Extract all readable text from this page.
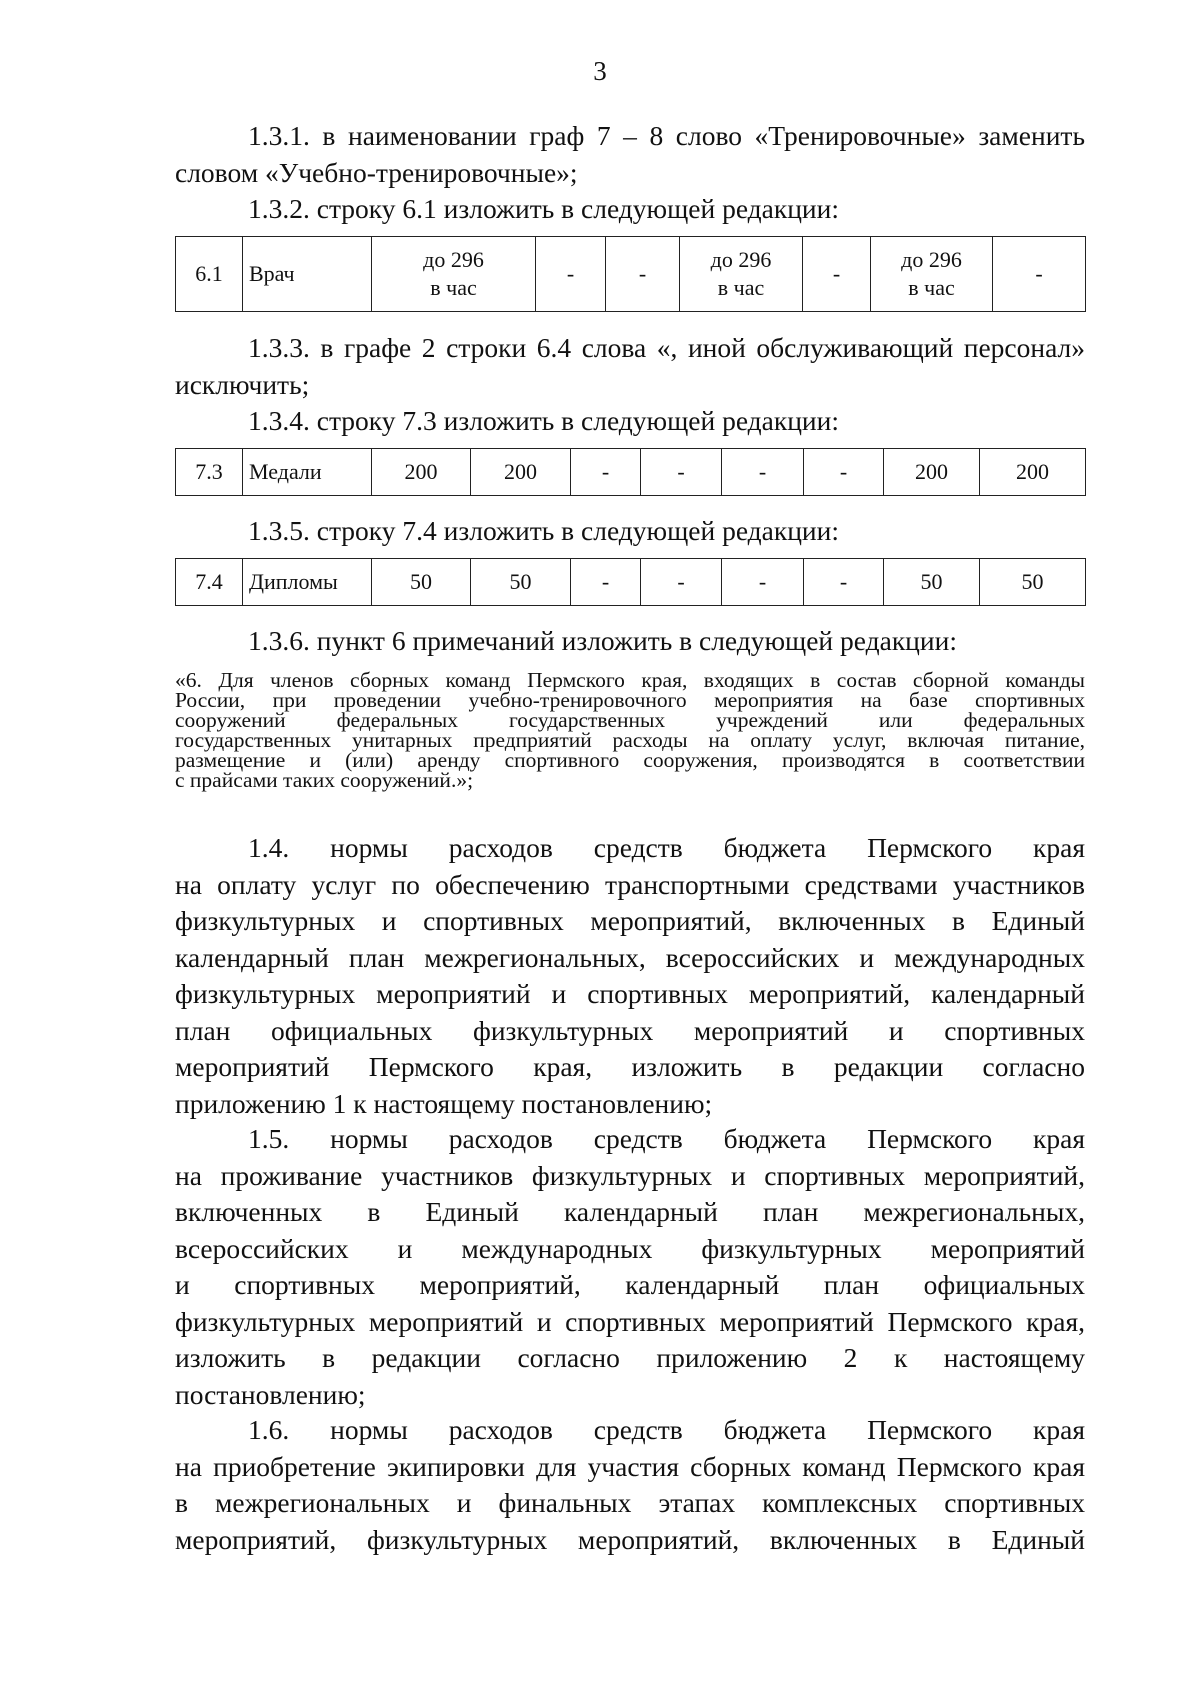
3
1.3.1. в наименовании граф 7 – 8 слово «Тренировочные» заменить
словом «Учебно-тренировочные»;
1.3.2. строку 6.1 изложить в следующей редакции:
6.1	Врач	до 296 в час	-	-	до 296 в час	-	до 296 в час	-
1.3.3. в графе 2 строки 6.4 слова «, иной обслуживающий персонал»
исключить;
1.3.4. строку 7.3 изложить в следующей редакции:
7.3	Медали	200	200	-	-	-	-	200	200
1.3.5. строку 7.4 изложить в следующей редакции:
7.4	Дипломы	50	50	-	-	-	-	50	50
1.3.6. пункт 6 примечаний изложить в следующей редакции:
«6. Для членов сборных команд Пермского края, входящих в состав сборной команды
России, при проведении учебно-тренировочного мероприятия на базе спортивных
сооружений федеральных государственных учреждений или федеральных
государственных унитарных предприятий расходы на оплату услуг, включая питание,
размещение и (или) аренду спортивного сооружения, производятся в соответствии
с прайсами таких сооружений.»;
1.4. нормы расходов средств бюджета Пермского края
на оплату услуг по обеспечению транспортными средствами участников
физкультурных и спортивных мероприятий, включенных в Единый
календарный план межрегиональных, всероссийских и международных
физкультурных мероприятий и спортивных мероприятий, календарный
план официальных физкультурных мероприятий и спортивных
мероприятий Пермского края, изложить в редакции согласно
приложению 1 к настоящему постановлению;
1.5. нормы расходов средств бюджета Пермского края
на проживание участников физкультурных и спортивных мероприятий,
включенных в Единый календарный план межрегиональных,
всероссийских и международных физкультурных мероприятий
и спортивных мероприятий, календарный план официальных
физкультурных мероприятий и спортивных мероприятий Пермского края,
изложить в редакции согласно приложению 2 к настоящему
постановлению;
1.6. нормы расходов средств бюджета Пермского края
на приобретение экипировки для участия сборных команд Пермского края
в межрегиональных и финальных этапах комплексных спортивных
мероприятий, физкультурных мероприятий, включенных в Единый
